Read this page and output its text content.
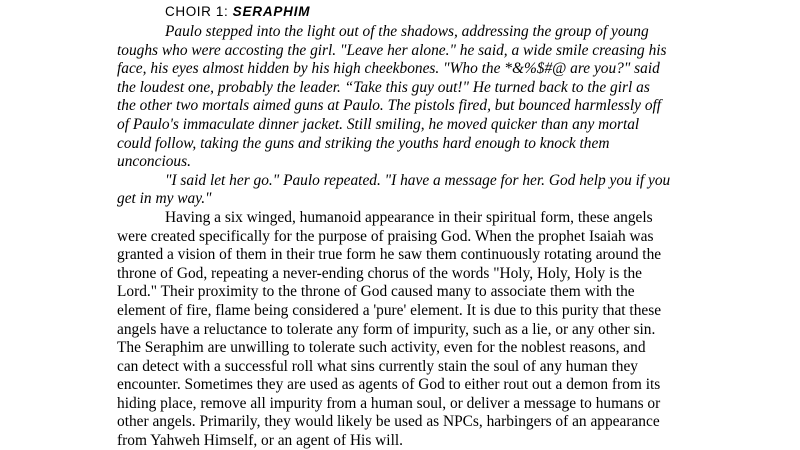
CHOIR 1: SERAPHIM
Paulo stepped into the light out of the shadows, addressing the group of young
toughs who were accosting the girl. "Leave her alone." he said, a wide smile creasing his
face, his eyes almost hidden by his high cheekbones. "Who the *&%$#@ are you?" said
the loudest one, probably the leader. “Take this guy out!" He turned back to the girl as
the other two mortals aimed guns at Paulo. The pistols fired, but bounced harmlessly off
of Paulo's immaculate dinner jacket. Still smiling, he moved quicker than any mortal
could follow, taking the guns and striking the youths hard enough to knock them
unconcious.
"I said let her go." Paulo repeated. "I have a message for her. God help you if you
get in my way."
Having a six winged, humanoid appearance in their spiritual form, these angels
were created specifically for the purpose of praising God. When the prophet Isaiah was
granted a vision of them in their true form he saw them continuously rotating around the
throne of God, repeating a never-ending chorus of the words "Holy, Holy, Holy is the
Lord." Their proximity to the throne of God caused many to associate them with the
element of fire, flame being considered a 'pure' element. It is due to this purity that these
angels have a reluctance to tolerate any form of impurity, such as a lie, or any other sin.
The Seraphim are unwilling to tolerate such activity, even for the noblest reasons, and
can detect with a successful roll what sins currently stain the soul of any human they
encounter. Sometimes they are used as agents of God to either rout out a demon from its
hiding place, remove all impurity from a human soul, or deliver a message to humans or
other angels. Primarily, they would likely be used as NPCs, harbingers of an appearance
from Yahweh Himself, or an agent of His will.
